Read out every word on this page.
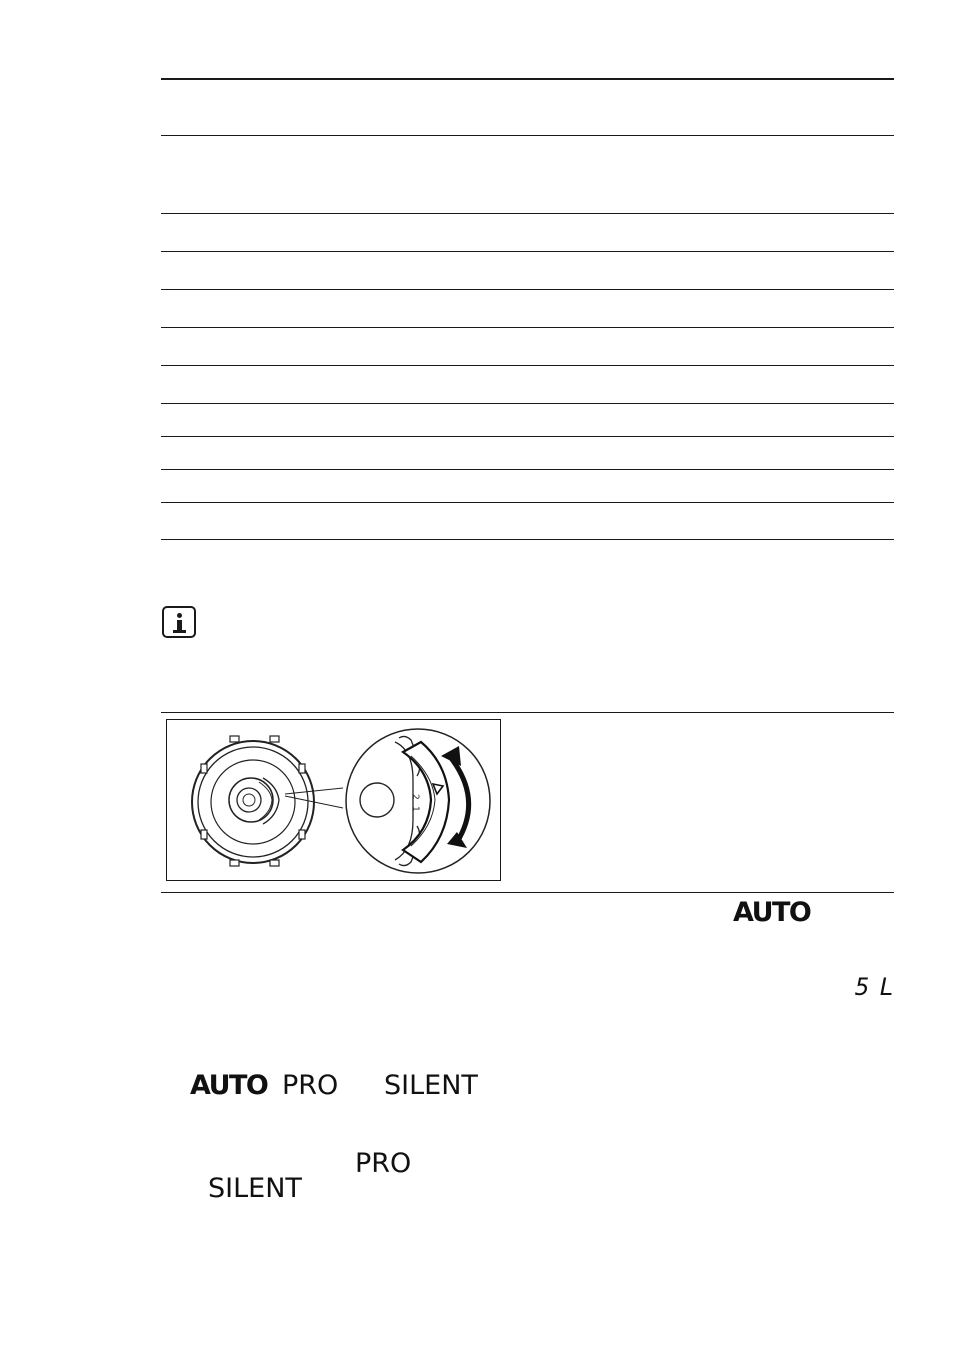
2
1
AUTO
5L
AUTO PRO SILENT
PRO
SILENT
